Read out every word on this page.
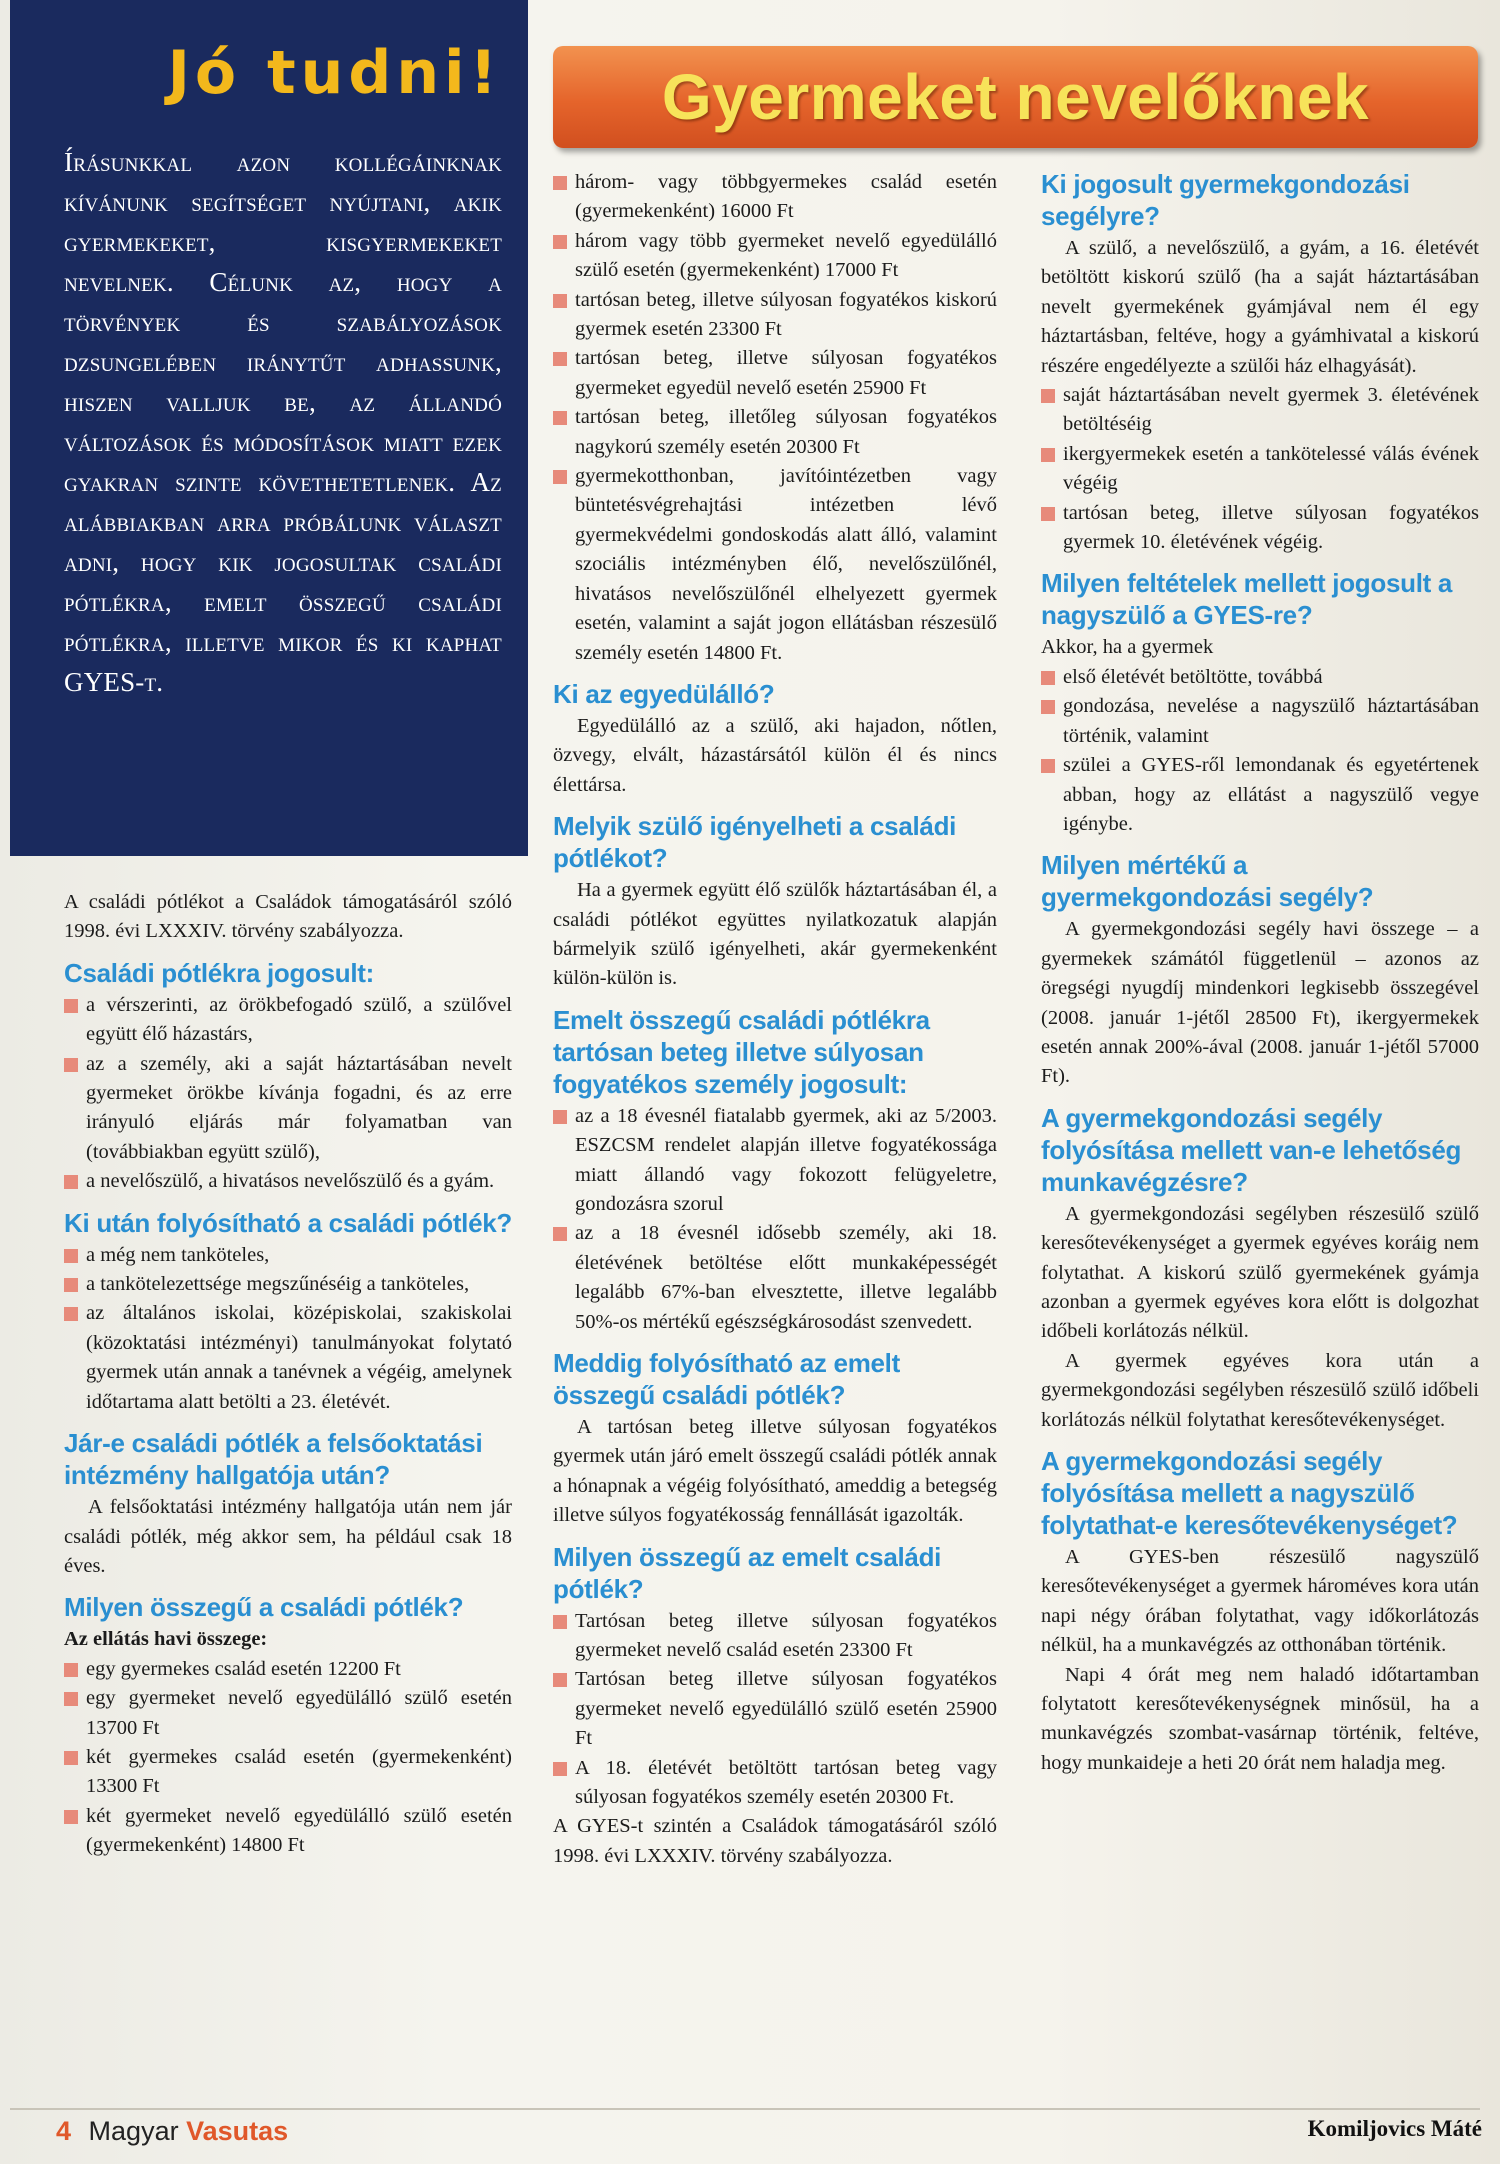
Jó tudni!
Írásunkkal azon kollégáinknak kívánunk segítséget nyújtani, akik gyermekeket, kisgyermekeket nevelnek. Célunk az, hogy a törvények és szabályozások dzsungelében iránytűt adhassunk, hiszen valljuk be, az állandó változások és módosítások miatt ezek gyakran szinte követhetetlenek. Az alábbiakban arra próbálunk választ adni, hogy kik jogosultak családi pótlékra, emelt összegű családi pótlékra, illetve mikor és ki kaphat GYES-t.
Gyermeket nevelőknek

A családi pótlékot a Családok támogatásáról szóló 1998. évi LXXXIV. törvény szabályozza.

Családi pótlékra jogosult:
a vérszerinti, az örökbefogadó szülő, a szülővel együtt élő házastárs,
az a személy, aki a saját háztartásában nevelt gyermeket örökbe kívánja fogadni, és az erre irányuló eljárás már folyamatban van (továbbiakban együtt szülő),
a nevelőszülő, a hivatásos nevelőszülő és a gyám.
Ki után folyósítható a családi pótlék?
a még nem tanköteles,
a tankötelezettsége megszűnéséig a tanköteles,
az általános iskolai, középiskolai, szakiskolai (közoktatási intézményi) tanulmányokat folytató gyermek után annak a tanévnek a végéig, amelynek időtartama alatt betölti a 23. életévét.
Jár-e családi pótlék a felsőoktatási intézmény hallgatója után?

A felsőoktatási intézmény hallgatója után nem jár családi pótlék, még akkor sem, ha például csak 18 éves.

Milyen összegű a családi pótlék?

Az ellátás havi összege:

egy gyermekes család esetén 12200 Ft
egy gyermeket nevelő egyedülálló szülő esetén 13700 Ft
két gyermekes család esetén (gyermekenként) 13300 Ft
két gyermeket nevelő egyedülálló szülő esetén (gyermekenként) 14800 Ft
három- vagy többgyermekes család esetén (gyermekenként) 16000 Ft
három vagy több gyermeket nevelő egyedülálló szülő esetén (gyermekenként) 17000 Ft
tartósan beteg, illetve súlyosan fogyatékos kiskorú gyermek esetén 23300 Ft
tartósan beteg, illetve súlyosan fogyatékos gyermeket egyedül nevelő esetén 25900 Ft
tartósan beteg, illetőleg súlyosan fogyatékos nagykorú személy esetén 20300 Ft
gyermekotthonban, javítóintézetben vagy büntetésvégrehajtási intézetben lévő gyermekvédelmi gondoskodás alatt álló, valamint szociális intézményben élő, nevelőszülőnél, hivatásos nevelőszülőnél elhelyezett gyermek esetén, valamint a saját jogon ellátásban részesülő személy esetén 14800 Ft.
Ki az egyedülálló?

Egyedülálló az a szülő, aki hajadon, nőtlen, özvegy, elvált, házastársától külön él és nincs élettársa.

Melyik szülő igényelheti a családi pótlékot?

Ha a gyermek együtt élő szülők háztartásában él, a családi pótlékot együttes nyilatkozatuk alapján bármelyik szülő igényelheti, akár gyermekenként külön-külön is.

Emelt összegű családi pótlékra tartósan beteg illetve súlyosan fogyatékos személy jogosult:
az a 18 évesnél fiatalabb gyermek, aki az 5/2003. ESZCSM rendelet alapján illetve fogyatékossága miatt állandó vagy fokozott felügyeletre, gondozásra szorul
az a 18 évesnél idősebb személy, aki 18. életévének betöltése előtt munkaképességét legalább 67%-ban elvesztette, illetve legalább 50%-os mértékű egészségkárosodást szenvedett.
Meddig folyósítható az emelt összegű családi pótlék?

A tartósan beteg illetve súlyosan fogyatékos gyermek után járó emelt összegű családi pótlék annak a hónapnak a végéig folyósítható, ameddig a betegség illetve súlyos fogyatékosság fennállását igazolták.

Milyen összegű az emelt családi pótlék?
Tartósan beteg illetve súlyosan fogyatékos gyermeket nevelő család esetén 23300 Ft
Tartósan beteg illetve súlyosan fogyatékos gyermeket nevelő egyedülálló szülő esetén 25900 Ft
A 18. életévét betöltött tartósan beteg vagy súlyosan fogyatékos személy esetén 20300 Ft.

A GYES-t szintén a Családok támogatásáról szóló 1998. évi LXXXIV. törvény szabályozza.

Ki jogosult gyermekgondozási segélyre?

A szülő, a nevelőszülő, a gyám, a 16. életévét betöltött kiskorú szülő (ha a saját háztartásában nevelt gyermekének gyámjával nem él egy háztartásban, feltéve, hogy a gyámhivatal a kiskorú részére engedélyezte a szülői ház elhagyását).

saját háztartásában nevelt gyermek 3. életévének betöltéséig
ikergyermekek esetén a tankötelessé válás évének végéig
tartósan beteg, illetve súlyosan fogyatékos gyermek 10. életévének végéig.
Milyen feltételek mellett jogosult a nagyszülő a GYES-re?

Akkor, ha a gyermek

első életévét betöltötte, továbbá
gondozása, nevelése a nagyszülő háztartásában történik, valamint
szülei a GYES-ről lemondanak és egyetértenek abban, hogy az ellátást a nagyszülő vegye igénybe.
Milyen mértékű a gyermekgondozási segély?

A gyermekgondozási segély havi összege – a gyermekek számától függetlenül – azonos az öregségi nyugdíj mindenkori legkisebb összegével (2008. január 1-jétől 28500 Ft), ikergyermekek esetén annak 200%-ával (2008. január 1-jétől 57000 Ft).

A gyermekgondozási segély folyósítása mellett van-e lehetőség munkavégzésre?

A gyermekgondozási segélyben részesülő szülő keresőtevékenységet a gyermek egyéves koráig nem folytathat. A kiskorú szülő gyermekének gyámja azonban a gyermek egyéves kora előtt is dolgozhat időbeli korlátozás nélkül.

A gyermek egyéves kora után a gyermekgondozási segélyben részesülő szülő időbeli korlátozás nélkül folytathat keresőtevékenységet.

A gyermekgondozási segély folyósítása mellett a nagyszülő folytathat-e keresőtevékenységet?

A GYES-ben részesülő nagyszülő keresőtevékenységet a gyermek hároméves kora után napi négy órában folytathat, vagy időkorlátozás nélkül, ha a munkavégzés az otthonában történik.

Napi 4 órát meg nem haladó időtartamban folytatott keresőtevékenységnek minősül, ha a munkavégzés szombat-vasárnap történik, feltéve, hogy munkaideje a heti 20 órát nem haladja meg.

4 Magyar Vasutas	Komiljovics Máté
